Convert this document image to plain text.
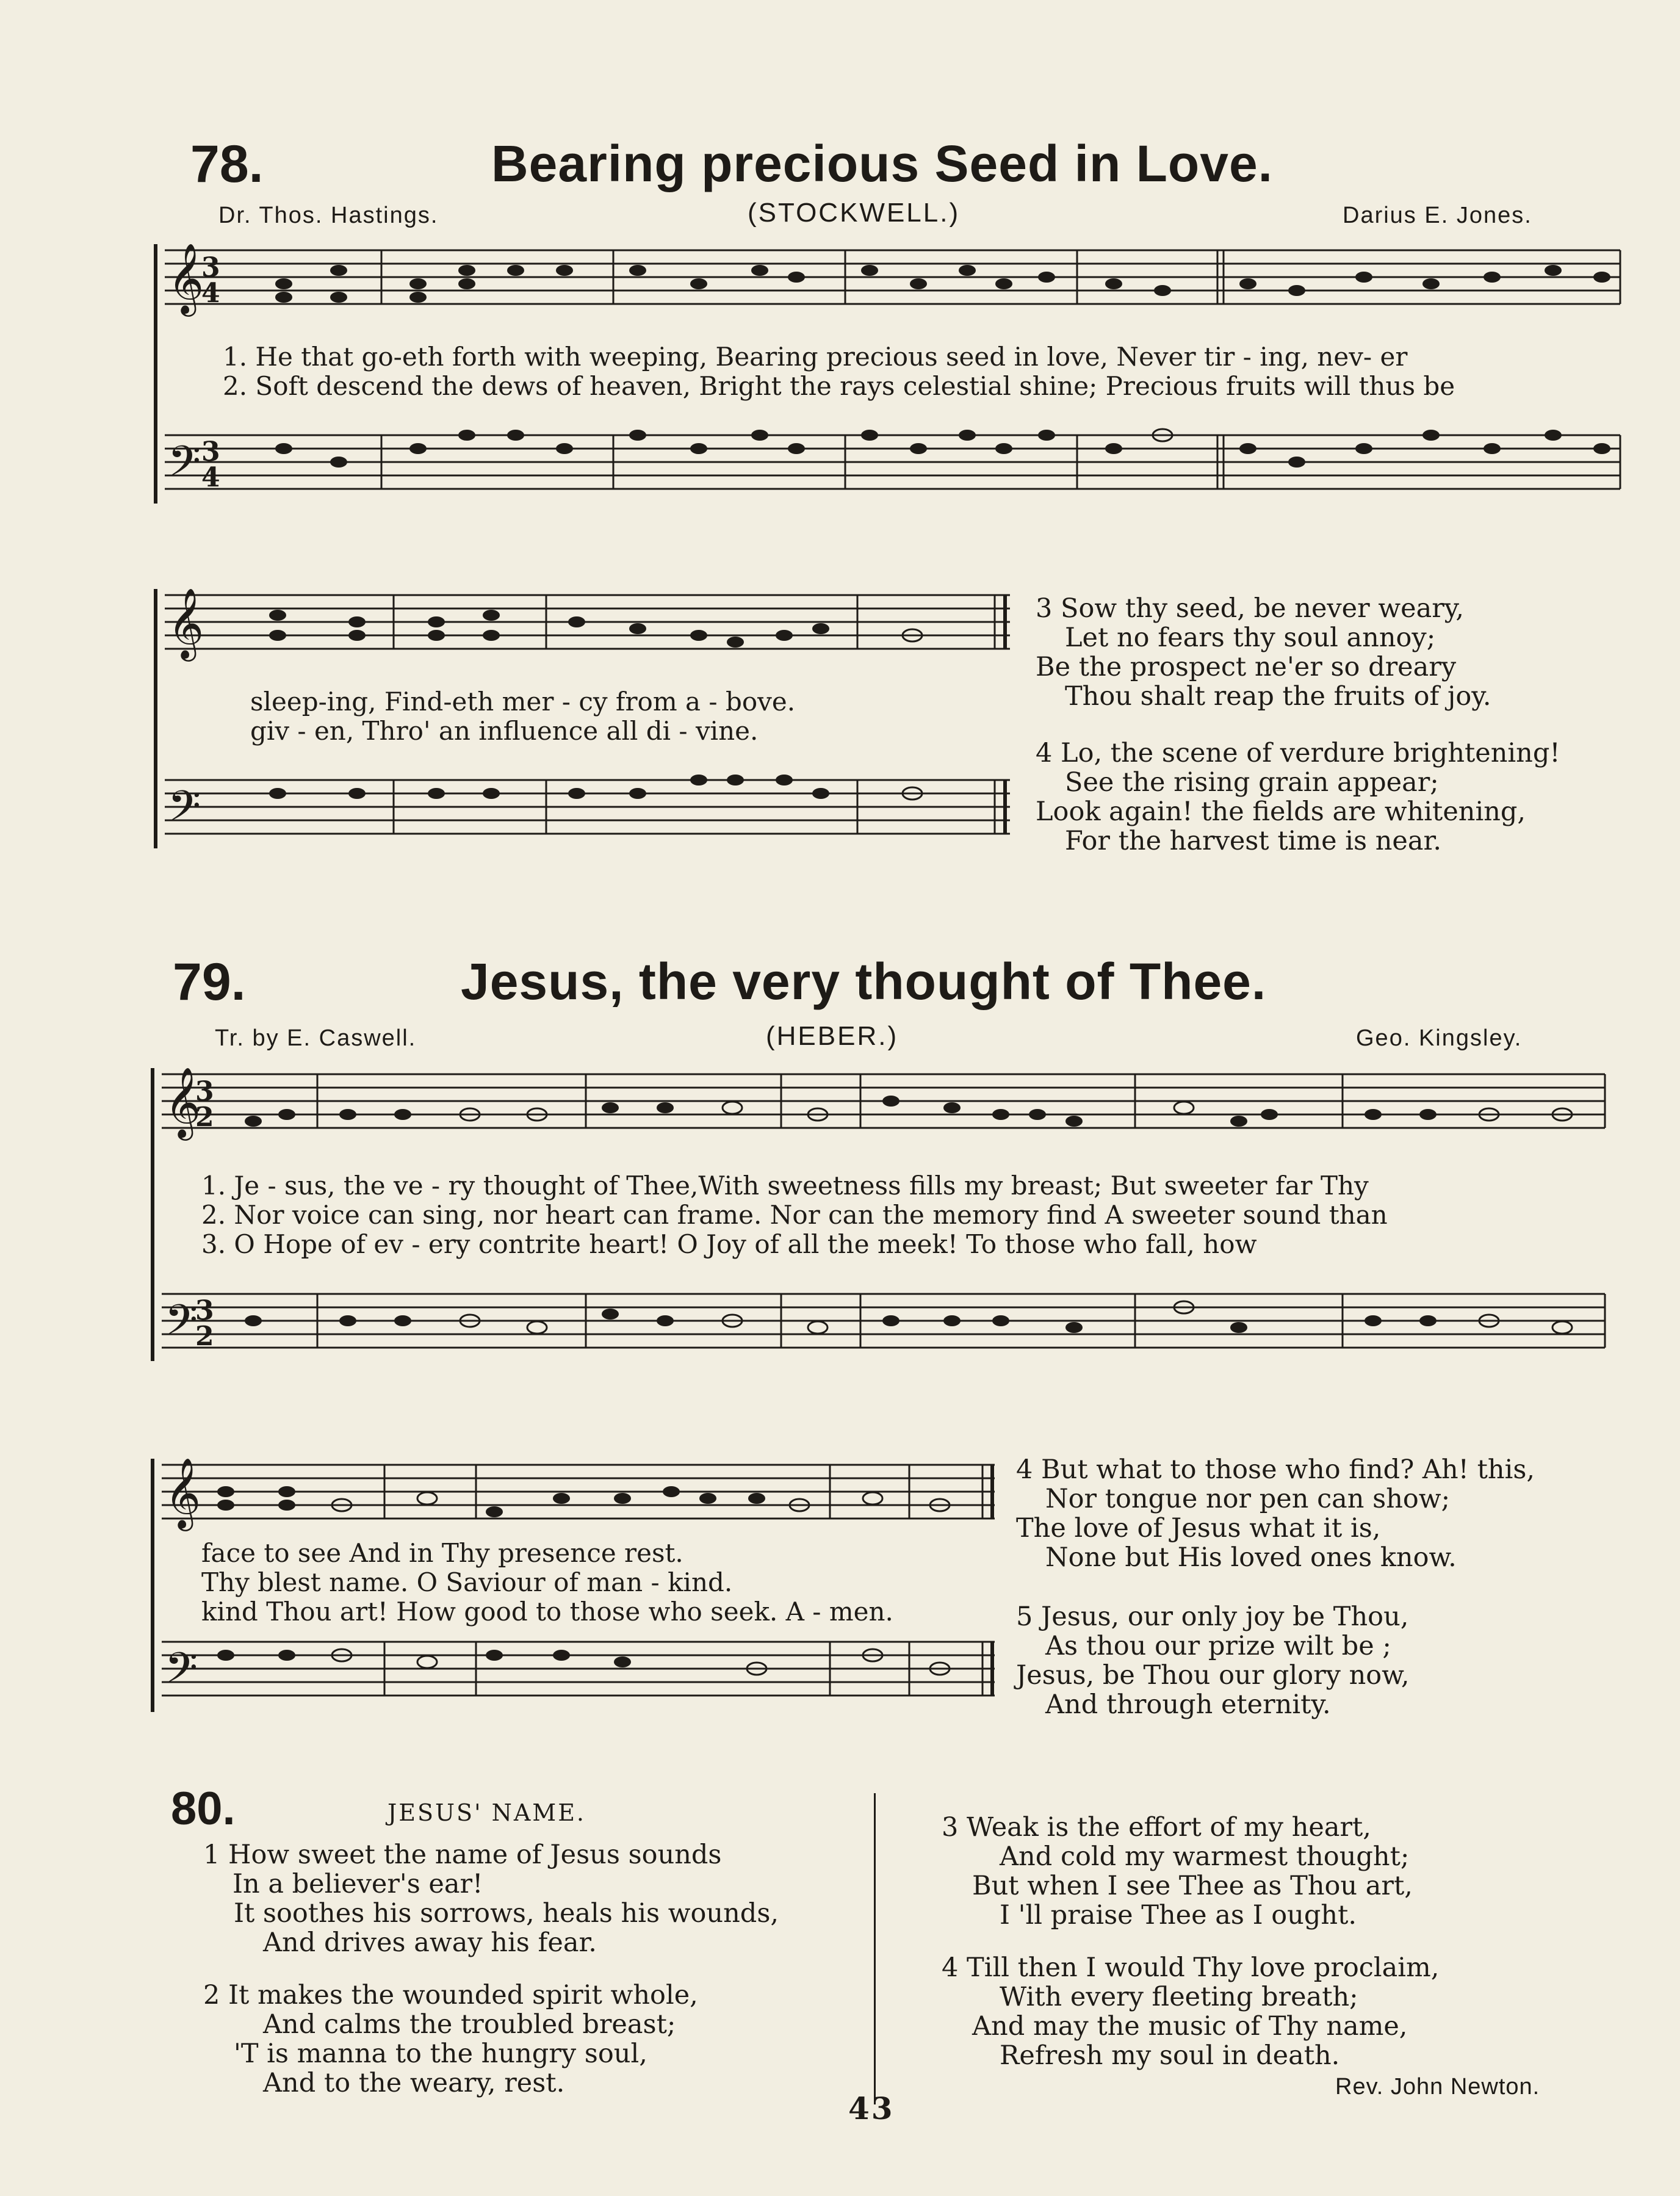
78.	Bearing precious Seed in Love.
Dr. Thos. Hastings.	(STOCKWELL.)	Darius E. Jones.
𝄞
3
4
𝄢 3
4
1. He that go-eth forth with weeping, Bearing precious seed in love, Never tir - ing, nev- er
2. Soft descend the dews of heaven, Bright the rays celestial shine; Precious fruits will thus be
𝄞
𝄢
sleep-ing, Find-eth mer - cy from a - bove.
giv - en, Thro' an influence all di - vine.
3 Sow thy seed, be never weary,
Let no fears thy soul annoy;
Be the prospect ne'er so dreary
Thou shalt reap the fruits of joy.
4 Lo, the scene of verdure brightening!
See the rising grain appear;
Look again! the fields are whitening,
For the harvest time is near.
79.	Jesus, the very thought of Thee.
Tr. by E. Caswell.	(HEBER.)	Geo. Kingsley.
𝄞
3
2
𝄢
3
2
1. Je - sus, the ve - ry thought of Thee,With sweetness fills my breast; But sweeter far Thy
2. Nor voice can sing, nor heart can frame. Nor can the memory find A sweeter sound than
3. O Hope of ev - ery contrite heart! O Joy of all the meek! To those who fall, how
𝄞
𝄢
face to see And in Thy presence rest.
Thy blest name. O Saviour of man - kind.
kind Thou art! How good to those who seek. A - men.
4 But what to those who find? Ah! this,
Nor tongue nor pen can show;
The love of Jesus what it is,
None but His loved ones know.
5 Jesus, our only joy be Thou,
As thou our prize wilt be ;
Jesus, be Thou our glory now,
And through eternity.
80.	JESUS' NAME.
1 How sweet the name of Jesus sounds
In a believer's ear!
It soothes his sorrows, heals his wounds,
And drives away his fear.
2 It makes the wounded spirit whole,
And calms the troubled breast;
'T is manna to the hungry soul,
And to the weary, rest.
3 Weak is the effort of my heart,
And cold my warmest thought;
But when I see Thee as Thou art,
I 'll praise Thee as I ought.
4 Till then I would Thy love proclaim,
With every fleeting breath;
And may the music of Thy name,
Refresh my soul in death.
Rev. John Newton.
43
